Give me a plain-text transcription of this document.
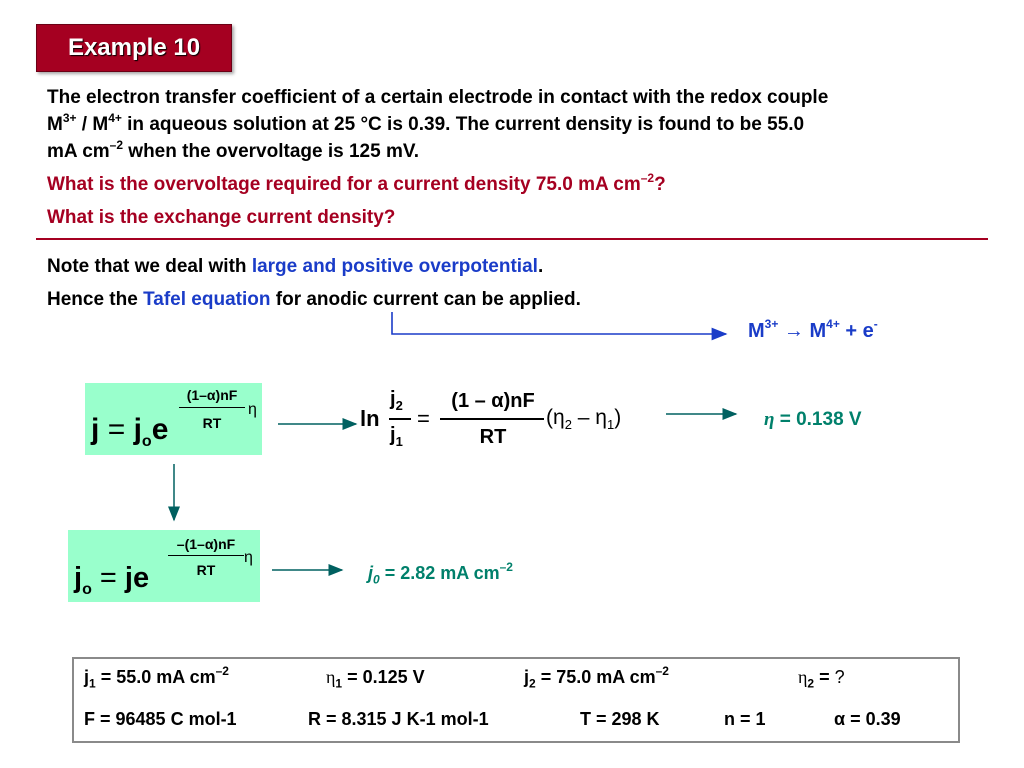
Example 10
The electron transfer coefficient of a certain electrode in contact with the redox couple
$M^{3+} / M^{4+}$ in aqueous solution at 25 °C is 0.39. The current density is found to be 55.0
mA $cm^{-2}$ when the overvoltage is 125 mV.
What is the overvoltage required for a current density 75.0 mA $cm^{-2}$?
What is the exchange current density?
Note that we deal with large and positive overpotential.
Hence the Tafel equation for anodic current can be applied.
$M^{3+} \to M^{4+} + e^-$
$j = j_oe$
(1–α)nF
RT
η	ln
$j_2$
$j_1$
=
(1 – α)nF
RT
$(\eta_2 - \eta_1)$	η = 0.138 V
$j_o$ = je
–(1–α)nF
RT
η
$j_0 = 2.82$ mA $cm^{-2}$
$j_1 = 55.0$ mA $cm^{-2}$	$\eta_1 = 0.125$ V	$j_2 = 75.0$ mA $cm^{-2}$	$\eta_2$ = ?
F = 96485 C mol-1	R = 8.315 J K-1 mol-1	T = 298 K	n = 1	α = 0.39
